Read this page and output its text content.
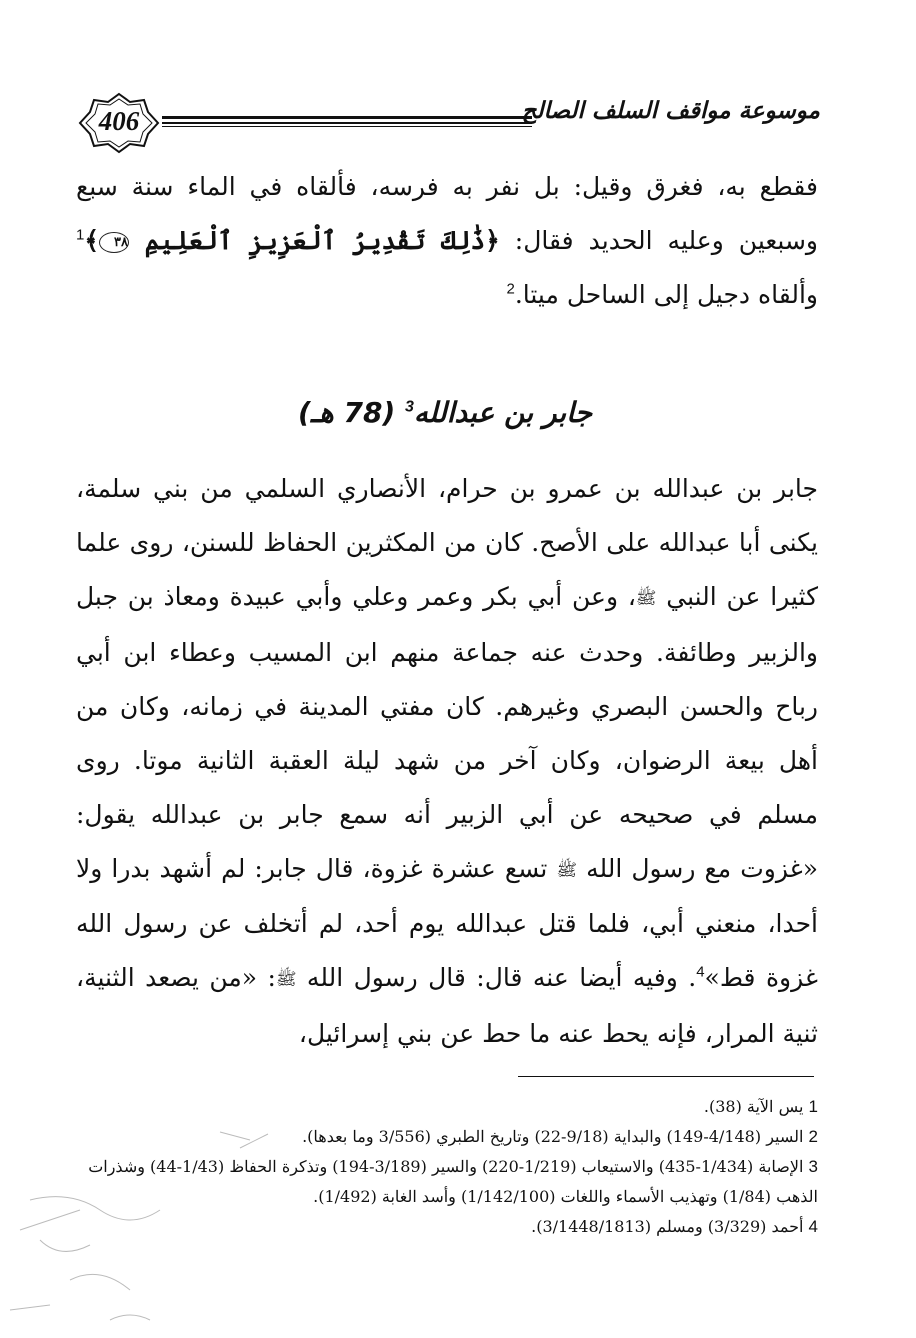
406	موسوعة مواقف السلف الصالح

فقطع به، فغرق وقيل: بل نفر به فرسه، فألقاه في الماء سنة سبع وسبعين وعليه الحديد فقال: ﴿ذَٰلِكَ تَقْدِيرُ ٱلْعَزِيزِ ٱلْعَلِيمِ ٣٨﴾$^1$ وألقاه دجيل إلى الساحل ميتا.$^2$

جابر بن عبدالله$^3$ (78 هـ)

جابر بن عبدالله بن عمرو بن حرام، الأنصاري السلمي من بني سلمة، يكنى أبا عبدالله على الأصح. كان من المكثرين الحفاظ للسنن، روى علما كثيرا عن النبي ﷺ، وعن أبي بكر وعمر وعلي وأبي عبيدة ومعاذ بن جبل والزبير وطائفة. وحدث عنه جماعة منهم ابن المسيب وعطاء ابن أبي رباح والحسن البصري وغيرهم. كان مفتي المدينة في زمانه، وكان من أهل بيعة الرضوان، وكان آخر من شهد ليلة العقبة الثانية موتا. روى مسلم في صحيحه عن أبي الزبير أنه سمع جابر بن عبدالله يقول: «غزوت مع رسول الله ﷺ تسع عشرة غزوة، قال جابر: لم أشهد بدرا ولا أحدا، منعني أبي، فلما قتل عبدالله يوم أحد، لم أتخلف عن رسول الله غزوة قط»$^4$. وفيه أيضا عنه قال: قال رسول الله ﷺ: «من يصعد الثنية، ثنية المرار، فإنه يحط عنه ما حط عن بني إسرائيل،

1 يس الآية (38).

2 السير (4/148-149) والبداية (9/18-22) وتاريخ الطبري (3/556 وما بعدها).

3 الإصابة (1/434-435) والاستيعاب (1/219-220) والسير (3/189-194) وتذكرة الحفاظ (1/43-44) وشذرات الذهب (1/84) وتهذيب الأسماء واللغات (1/142/100) وأسد الغابة (1/492).

4 أحمد (3/329) ومسلم (3/1448/1813).
